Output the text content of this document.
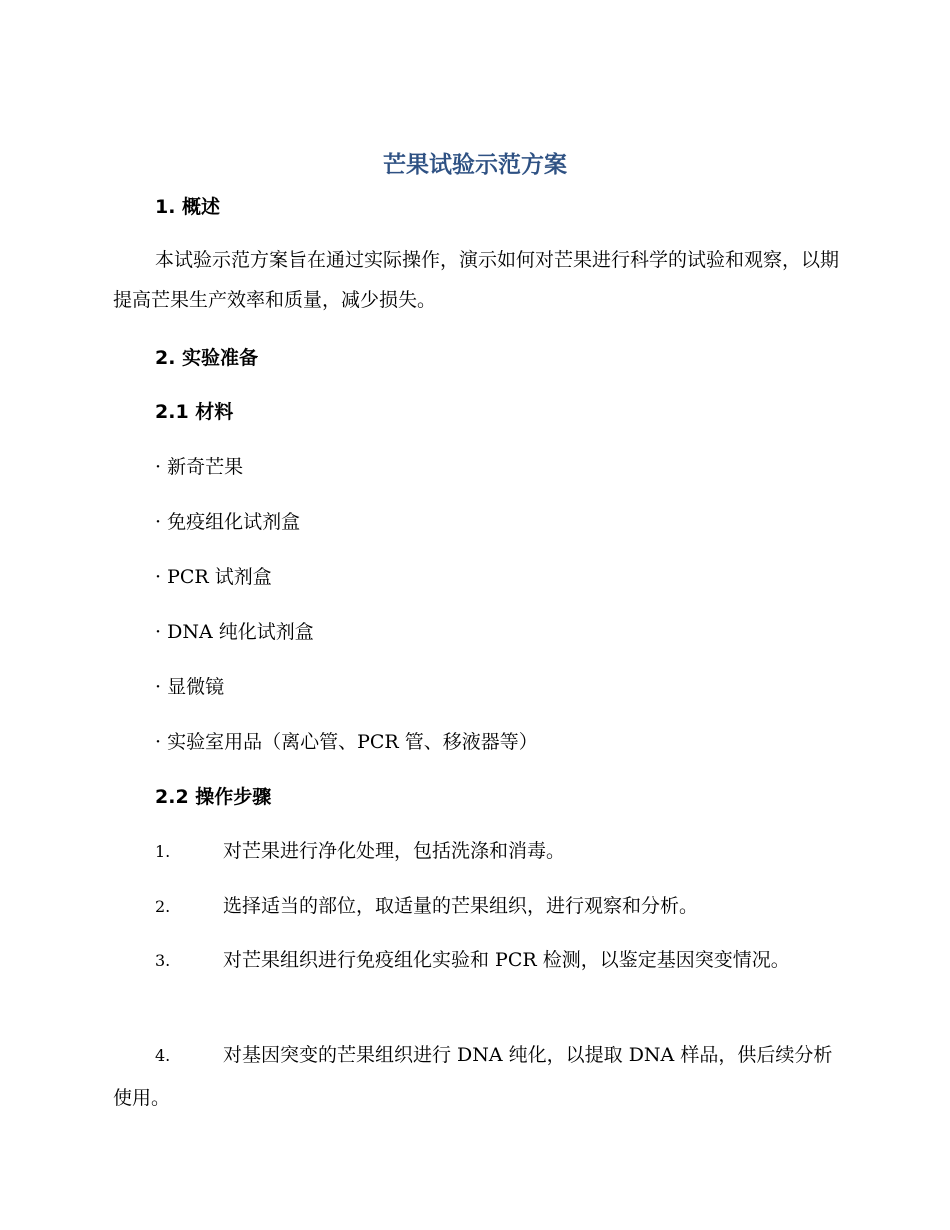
芒果试验示范方案
1. 概述

本试验示范方案旨在通过实际操作，演示如何对芒果进行科学的试验和观察，以期提高芒果生产效率和质量，减少损失。

2. 实验准备
2.1 材料
· 新奇芒果
· 免疫组化试剂盒
· PCR 试剂盒
· DNA 纯化试剂盒
· 显微镜
· 实验室用品（离心管、PCR 管、移液器等）
2.2 操作步骤

1.	对芒果进行净化处理，包括洗涤和消毒。

2.	选择适当的部位，取适量的芒果组织，进行观察和分析。

3.	对芒果组织进行免疫组化实验和 PCR 检测，以鉴定基因突变情况。

4.	对基因突变的芒果组织进行 DNA 纯化，以提取 DNA 样品，供后续分析使用。
